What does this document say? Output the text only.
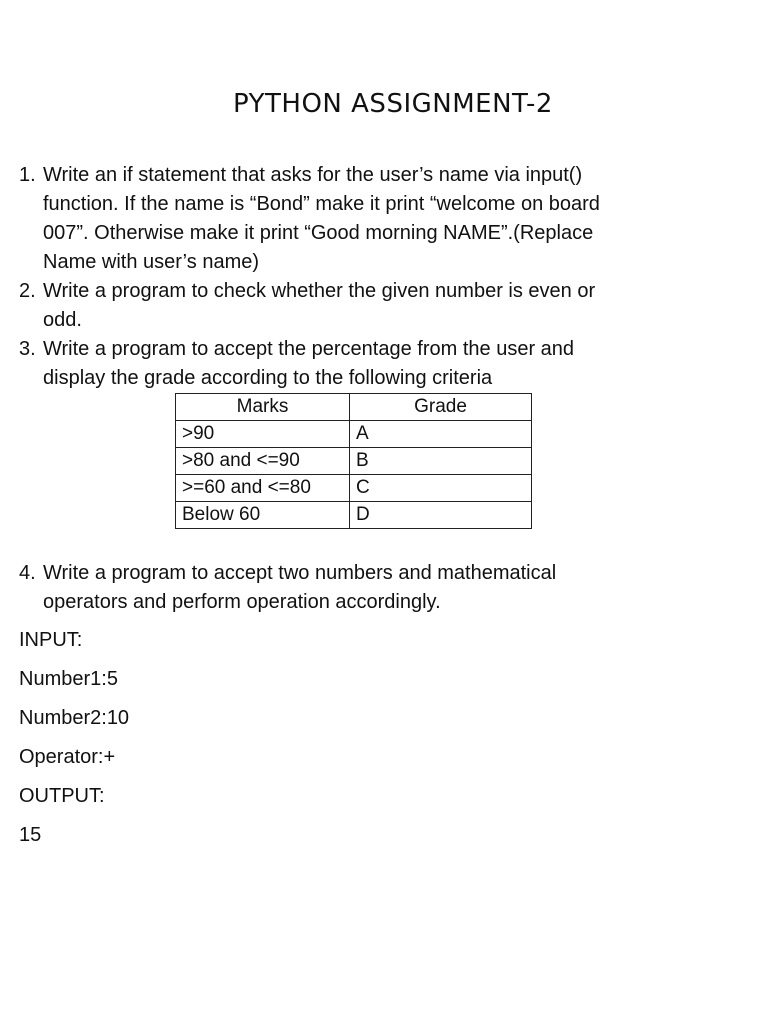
PYTHON ASSIGNMENT-2
1. Write an if statement that asks for the user’s name via input()
function. If the name is “Bond” make it print “welcome on board
007”. Otherwise make it print “Good morning NAME”.(Replace
Name with user’s name)
2. Write a program to check whether the given number is even or
odd.
3. Write a program to accept the percentage from the user and
display the grade according to the following criteria
Marks	Grade
>90	A
>80 and <=90	B
>=60 and <=80	C
Below 60	D
4. Write a program to accept two numbers and mathematical
operators and perform operation accordingly.
INPUT:
Number1:5
Number2:10
Operator:+
OUTPUT:
15
